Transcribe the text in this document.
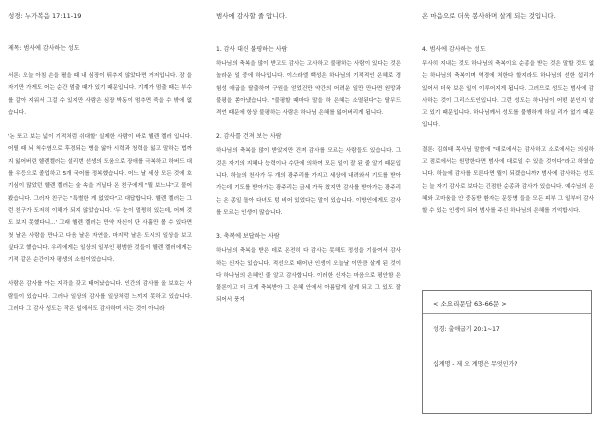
성경: 누가복음 17:11-19
제목: 범사에 감사하는 성도

서론: 오늘 아침 손을 펼을 때 내 심장이 뛰추지 않았다면 거저입니다. 잠 을 자기만 가게도 어는 순간 멈출 때가 있기 때문입니다. 기계가 멈출 때는 부수를 갈아 지워서 그걸 수 있지만 사람은 심장 박동이 멈추면 죽을 수 밖에 없습니다.

'논 또고 보는 넓이 기적처럼 쉬대할' 실제한 사람이 바로 헬렌 켈러 입니다. 어릴 때 뇌 척수염으로 후경되는 병을 앓아 시력과 청력을 잃고 말하는 법까지 잃어버린 헬렌켈러는 설리번 선생의 도움으로 장애를 극복하고 하버드 대를 우등으로 졸업하고 5개 국어를 정복했습니다. 어느 날 세상 모든 것에 호기심이 많았던 헬렌 켈러는 숲 속을 거닐다 온 친구에게 "뭘 보느냐"고 물어봤습니다. 그러자 친구는 "특별한 게 없었다"고 대답합니다. 헬렌 켈러는 그런 친구가 도저히 이해가 되지 않았습니다. '두 눈이 멀쩡히 있는데, 어쩌 것도 보지 못했다니...' 그래 헬렌 켈러는 만약 자신이 단 사흘만 볼 수 있다면 첫 날은 사람을 만나고 다음 날은 자연을, 마지막 날은 도시의 일상을 보고 싶다고 했습니다. 우리에게는 일상의 일부인 평범한 것들이 헬렌 켈러에게는 기적 같은 순간이자 평생의 소원이었습니다.

사람은 감사를 아는 지각을 갖고 태어났습니다. 인간의 감사를 올 보호는 사람들이 있습니다. 그러나 일상의 감사를 일상처럼 느끼지 못하고 있습니다. 그러다 그 감사 성도는 작은 일에서도 감사하며 사는 것이 아니라

범사에 감사할 줄 압니다.
1. 감사 대신 불평하는 사람

하나님의 축복을 많이 받고도 감사는 고사하고 불평하는 사람이 있다는 것은 놀라운 일 중에 하나입니다. 이스라엘 백성은 하나님의 기적적인 은혜로 경험성 애굽을 탈출하여 구원을 얻었건만 약간의 어려운 일만 만나면 원망과 불평을 쏟아냈습니다. "불평할 때마다 말을 하 은혜는 소멸된다"는 탈무드 격언 때문에 항상 불평하는 사람은 하나님 은혜를 잃어버리게 됩니다.

2. 감사를 건져 보는 사람

하나님의 축복을 많이 받았지만 건져 감사를 모르는 사람들도 있습니다. 그것은 자기의 지혜나 능력이나 수단에 의하여 모든 일이 잘 된 줄 알기 때문입니다. 하늘의 천사가 두 개의 광주리를 가지고 세상에 내려와서 기도를 받아 가는데 기도를 받아가는 광주리는 금세 가득 찼지만 감사를 받아가는 광주리는 온 종일 돌아 다녀도 텅 비어 있었다는 말이 있습니다. 이방인에게도 감사를 모르는 인생이 많습니다.

3. 축복에 보답하는 사람

하나님의 축복을 받은 데로 온전히 다 감사는 못해도 정성을 기울여서 감사하는 신자는 있습니다. 적선으로 태어난 인생이 오늘날 이만큼 살게 된 것이 다 하나님의 은혜인 줄 알고 감사합니다. 이러한 신자는 마음으로 평안함 은 물론이고 더 크게 축복받아 그 은혜 안에서 아름답게 살게 되고 그 있도 잘 되어서 풍겨

온 마음으로 더욱 봉사하며 살게 되는 것입니다.
4. 범사에 감사하는 성도

무사히 지내는 것도 하나님의 축복이요 순종을 받는 것은 말할 것도 없는 하나님의 축복이며 역경에 처한다 할지라도 하나님의 선한 섭리가 있어서 더욱 보은 일이 이루어지게 됩니다. 그러므로 성도는 범사에 감사하는 것이 그리스도인입니다. 그런 성도는 하나님이 어떤 분인지 알고 있기 때문입니다. 하나님께서 성도를 불행하게 하실 리가 없기 때문입니다.

결론: 김희태 목사님 말씀에 "대로에서는 감사하고 소로에서는 의심하고 점로에서는 원망한다면 범사에 대로일 수 있을 것이다"라고 하였습니다. 하늘에 감사를 모른다면 뭘이 되겠습니까? 범사에 감사하는 성도는 늘 자기 감사로 보다는 긴점한 순종과 감사가 있습니다. 예수님의 은혜와 고마움을 안 중동받 환자는 문둥병 들을 모든 피부 그 일부터 감사할 수 있는 인생이 되어 범사를 주신 하나님의 은혜를 기억합시다.

< 소요리문답 63-66문 >
성경: 출애굽기 20:1~17
십계명 - 제 오 계명은 무엇인가?
